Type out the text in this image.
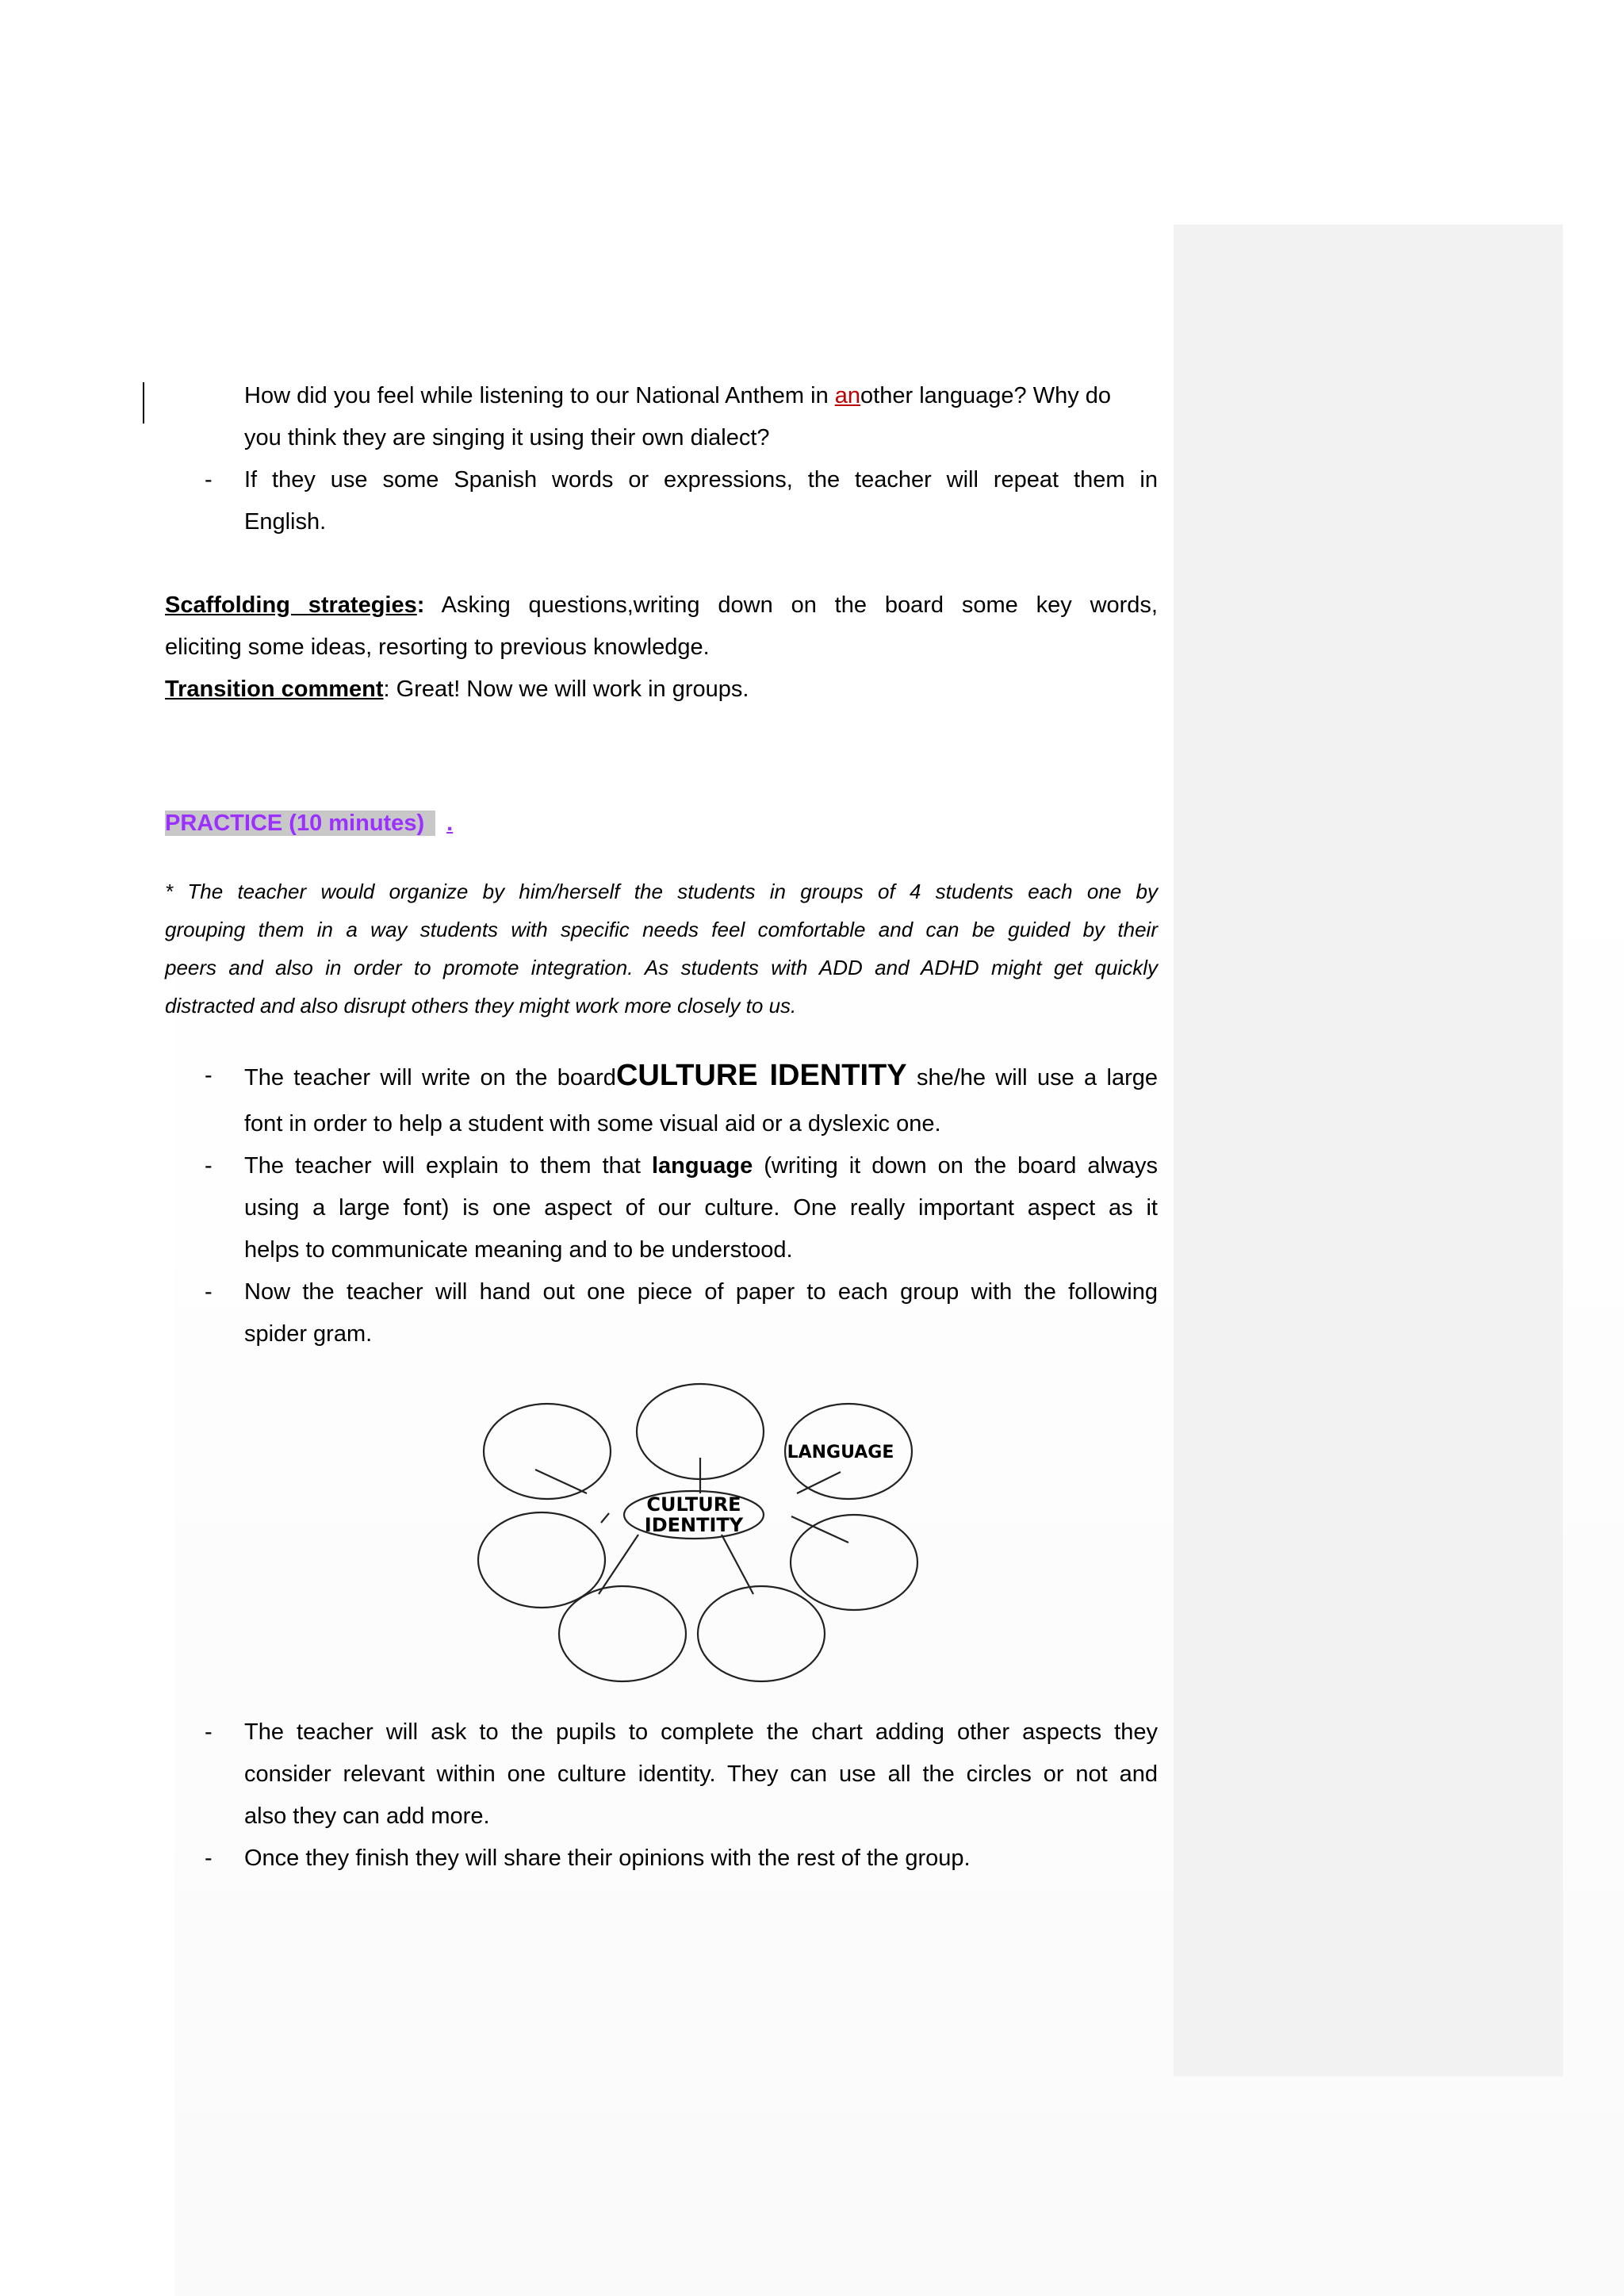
How did you feel while listening to our National Anthem in another language? Why do
you think they are singing it using their own dialect?
- If they use some Spanish words or expressions, the teacher will repeat them in
English.
Scaffolding strategies: Asking questions,writing down on the board some key words,
eliciting some ideas, resorting to previous knowledge.
Transition comment: Great! Now we will work in groups.
PRACTICE (10 minutes) .
* The teacher would organize by him/herself the students in groups of 4 students each one by
grouping them in a way students with specific needs feel comfortable and can be guided by their
peers and also in order to promote integration. As students with ADD and ADHD might get quickly
distracted and also disrupt others they might work more closely to us.
- The teacher will write on the boardCULTURE IDENTITY she/he will use a large
font in order to help a student with some visual aid or a dyslexic one.
- The teacher will explain to them that language (writing it down on the board always
using a large font) is one aspect of our culture. One really important aspect as it
helps to communicate meaning and to be understood.
- Now the teacher will hand out one piece of paper to each group with the following
spider gram.
CULTURE
IDENTITY
LANGUAGE
- The teacher will ask to the pupils to complete the chart adding other aspects they
consider relevant within one culture identity. They can use all the circles or not and
also they can add more.
- Once they finish they will share their opinions with the rest of the group.
